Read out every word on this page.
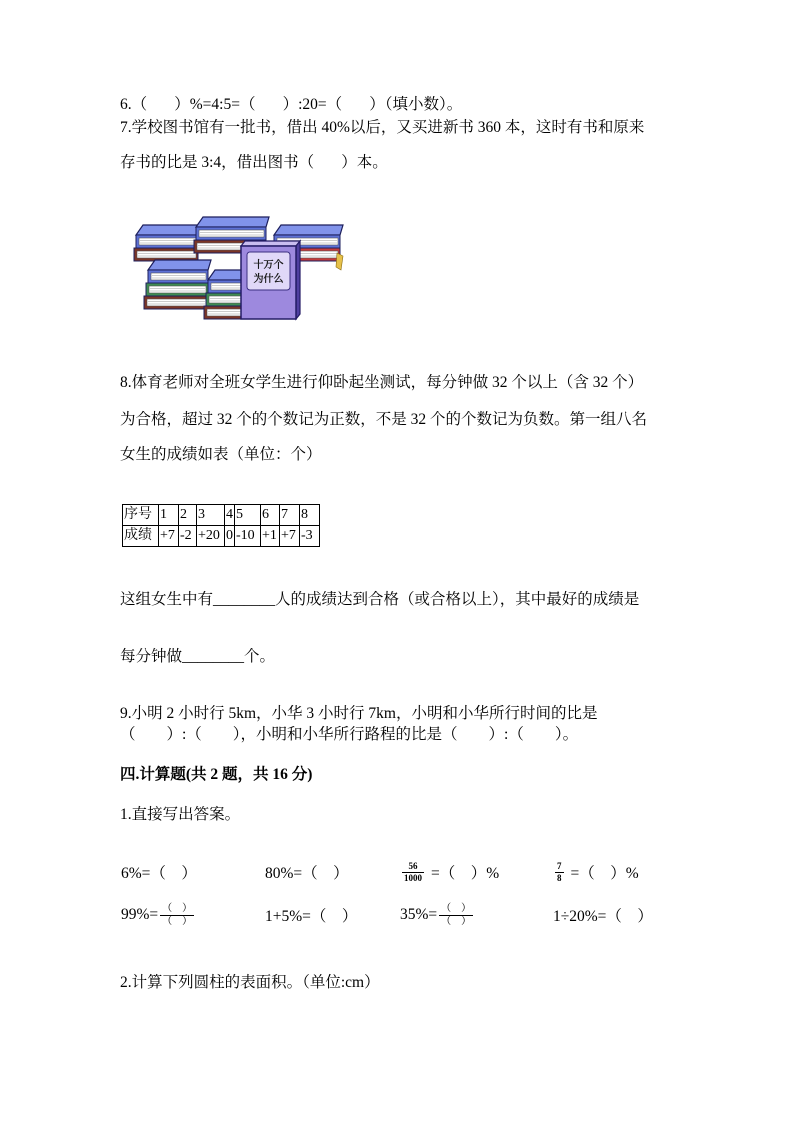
6.（       ）%=4:5=（       ）:20=（       ）（填小数）。
7.学校图书馆有一批书，借出 40%以后，又买进新书 360 本，这时有书和原来
存书的比是 3:4，借出图书（       ）本。
十万个
为什么
8.体育老师对全班女学生进行仰卧起坐测试，每分钟做 32 个以上（含 32 个）
为合格，超过 32 个的个数记为正数，不是 32 个的个数记为负数。第一组八名
女生的成绩如表（单位：个）
序号	1	2	3	4	5	6	7	8
成绩	+7	-2	+20	0	-10	+1	+7	-3
这组女生中有________人的成绩达到合格（或合格以上），其中最好的成绩是
每分钟做________个。
9.小明 2 小时行 5km，小华 3 小时行 7km，小明和小华所行时间的比是
（        ）:（        ），小明和小华所行路程的比是（        ）:（        ）。
四.计算题(共 2 题，共 16 分)
1.直接写出答案。
6%=（    ）	80%=（    ）	$\frac{56}{1000}$ =（    ）%	$\frac{7}{8}$ =（    ）%
$99\%= \frac{( )}{( )}$	1+5%=（    ）	$35\%= \frac{( )}{( )}$	1÷20%=（    ）
2.计算下列圆柱的表面积。（单位:cm）
